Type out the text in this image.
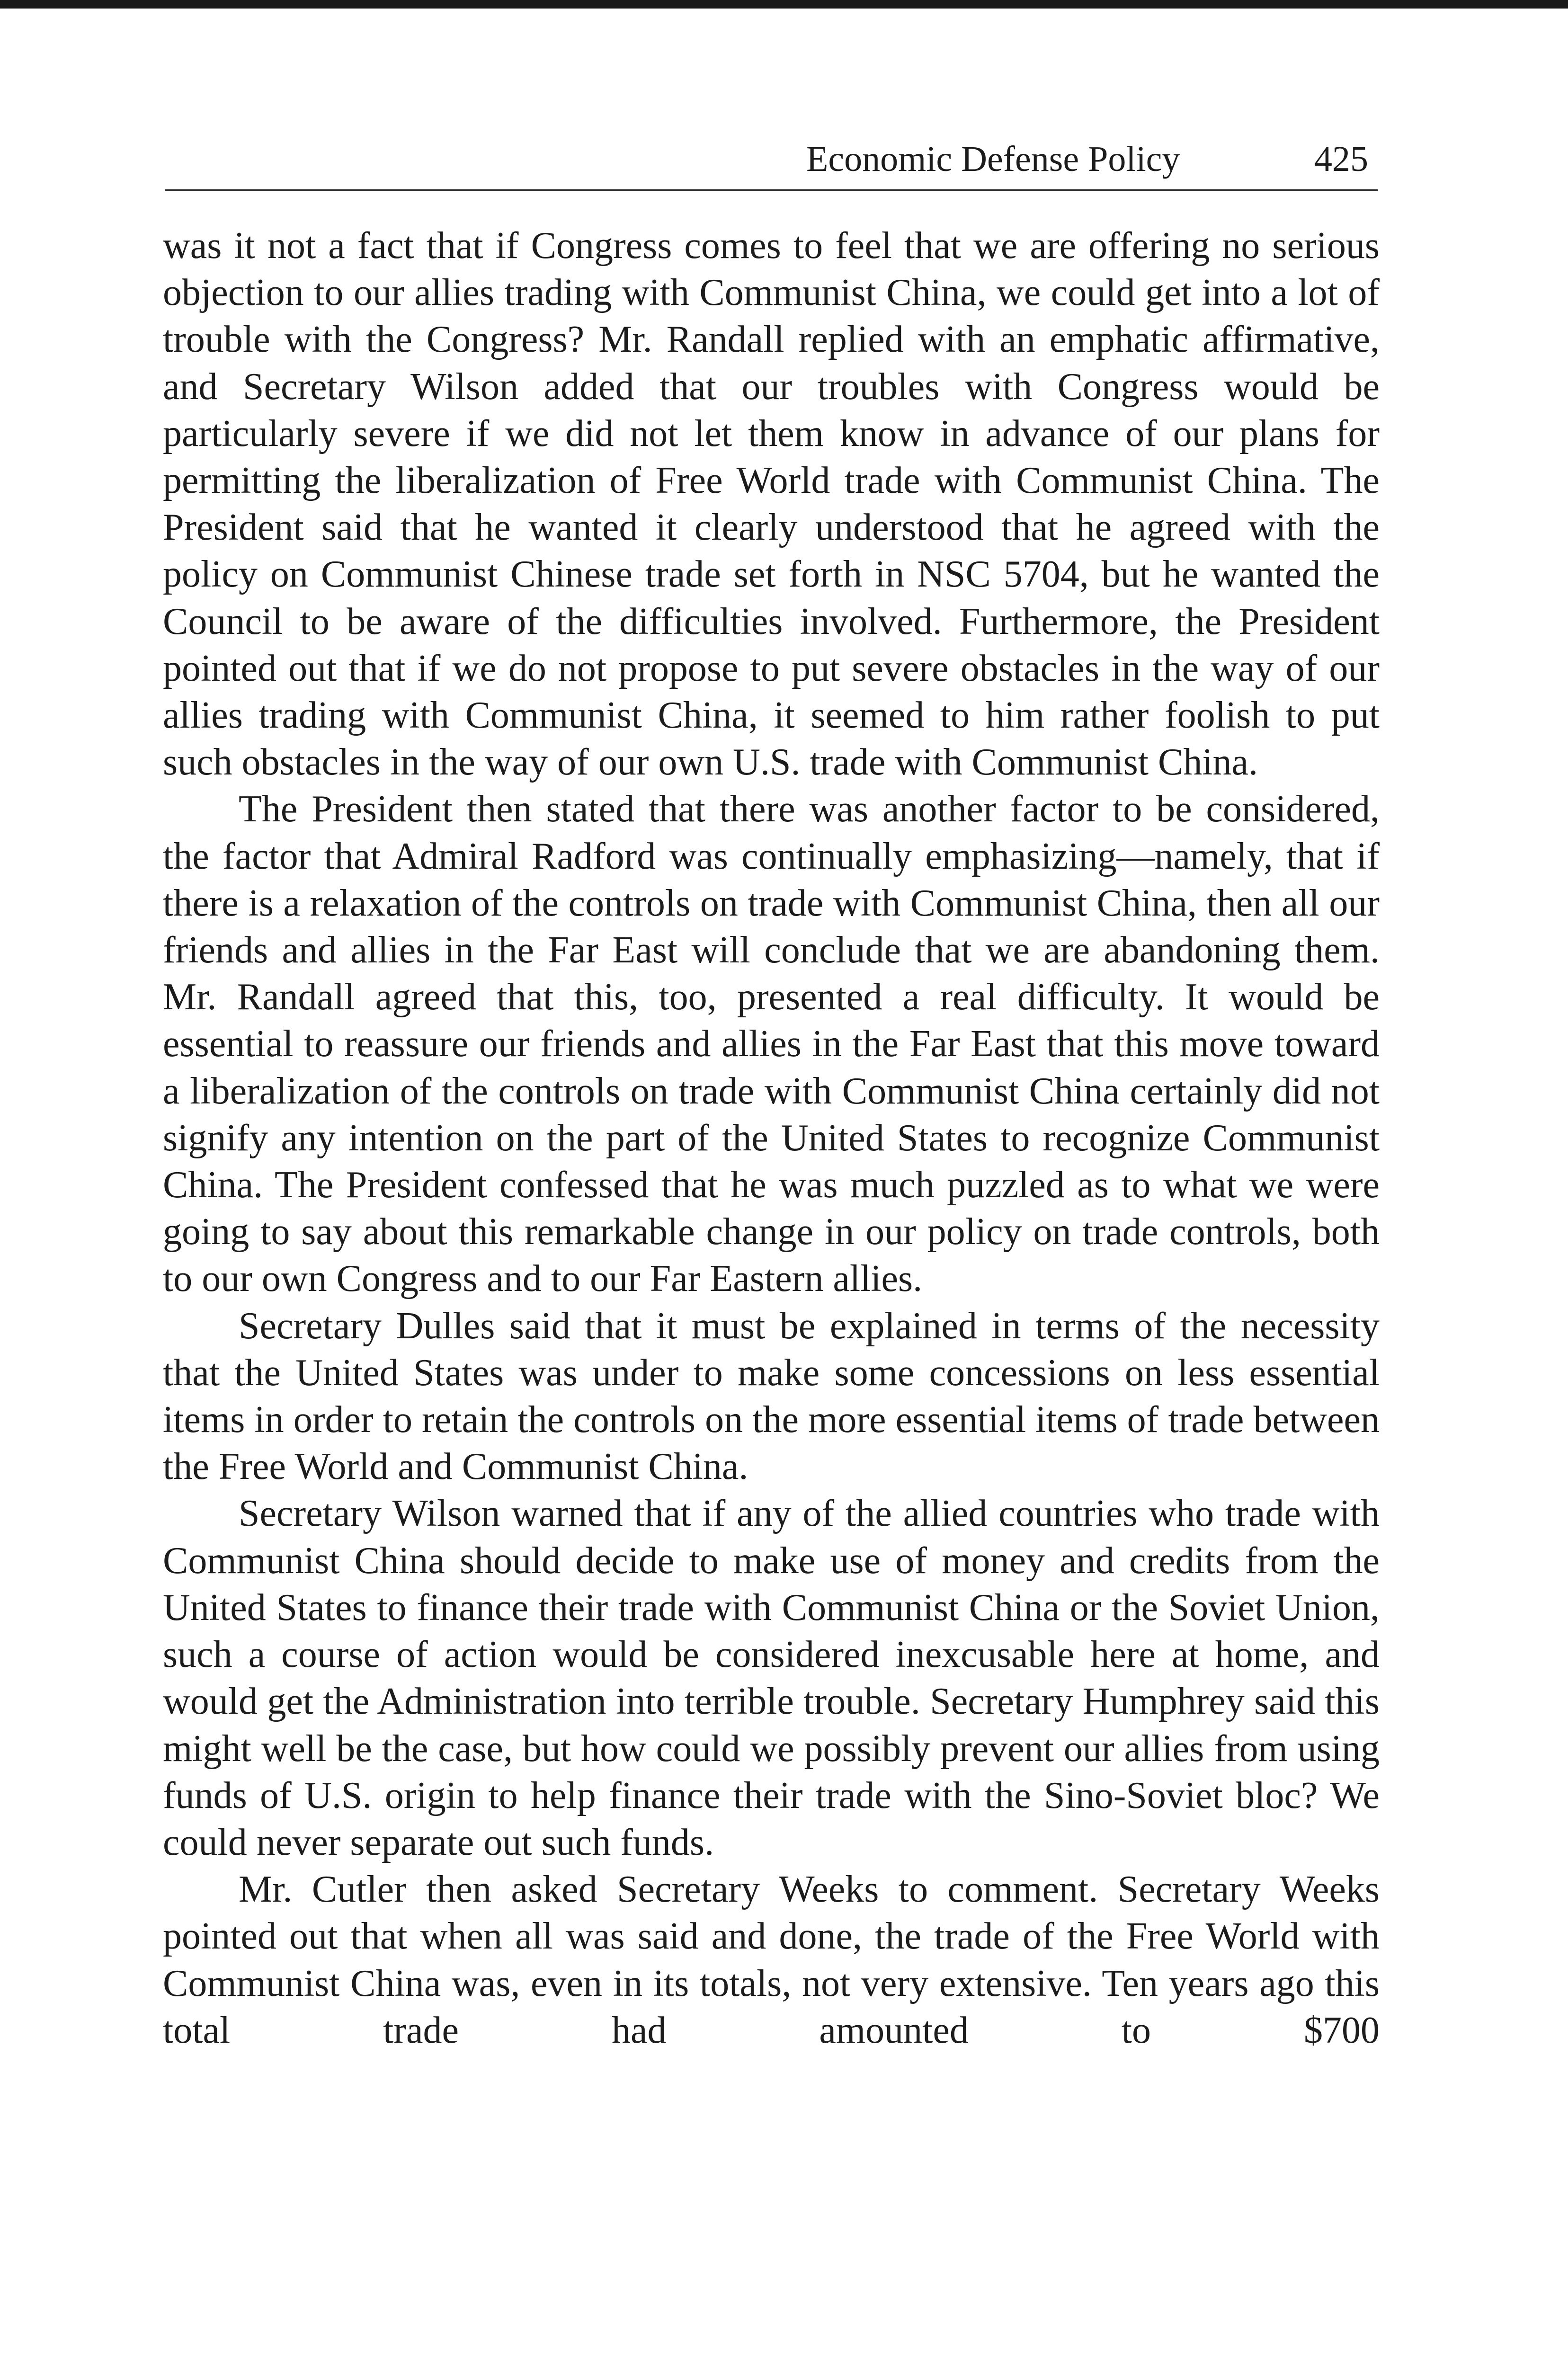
Economic Defense Policy	425

was it not a fact that if Congress comes to feel that we are offering no serious objection to our allies trading with Communist China, we could get into a lot of trouble with the Congress? Mr. Randall replied with an emphatic affirmative, and Secretary Wilson added that our troubles with Congress would be particularly severe if we did not let them know in advance of our plans for permitting the liberalization of Free World trade with Communist China. The President said that he wanted it clearly understood that he agreed with the policy on Communist Chinese trade set forth in NSC 5704, but he wanted the Council to be aware of the difficulties involved. Furthermore, the President pointed out that if we do not propose to put severe obstacles in the way of our allies trading with Communist China, it seemed to him rather foolish to put such obstacles in the way of our own U.S. trade with Communist China.

The President then stated that there was another factor to be considered, the factor that Admiral Radford was continually emphasizing—namely, that if there is a relaxation of the controls on trade with Communist China, then all our friends and allies in the Far East will conclude that we are abandoning them. Mr. Randall agreed that this, too, presented a real difficulty. It would be essential to reassure our friends and allies in the Far East that this move toward a liberalization of the controls on trade with Communist China certainly did not signify any intention on the part of the United States to recognize Communist China. The President confessed that he was much puzzled as to what we were going to say about this remarkable change in our policy on trade controls, both to our own Congress and to our Far Eastern allies.

Secretary Dulles said that it must be explained in terms of the necessity that the United States was under to make some concessions on less essential items in order to retain the controls on the more essential items of trade between the Free World and Communist China.

Secretary Wilson warned that if any of the allied countries who trade with Communist China should decide to make use of money and credits from the United States to finance their trade with Communist China or the Soviet Union, such a course of action would be considered inexcusable here at home, and would get the Administration into terrible trouble. Secretary Humphrey said this might well be the case, but how could we possibly prevent our allies from using funds of U.S. origin to help finance their trade with the Sino-Soviet bloc? We could never separate out such funds.

Mr. Cutler then asked Secretary Weeks to comment. Secretary Weeks pointed out that when all was said and done, the trade of the Free World with Communist China was, even in its totals, not very extensive. Ten years ago this total trade had amounted to $700
